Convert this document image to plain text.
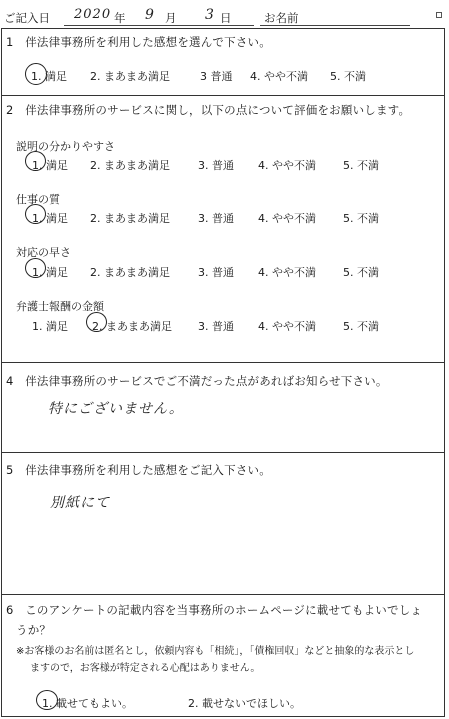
ご記入日 2020 年 9 月 3 日	お名前
1　伴法律事務所を利用した感想を選んで下さい。
1. 満足 2. まあまあ満足	3 普通 4. やや不満 5. 不満
2　伴法律事務所のサービスに関し，以下の点について評価をお願いします。
説明の分かりやすさ
1. 満足 2. まあまあ満足	3. 普通 4. やや不満 5. 不満
仕事の質
1. 満足 2. まあまあ満足	3. 普通 4. やや不満 5. 不満
対応の早さ
1. 満足 2. まあまあ満足	3. 普通 4. やや不満 5. 不満
弁護士報酬の金額
1. 満足 2. まあまあ満足 3. 普通 4. やや不満 5. 不満
4　伴法律事務所のサービスでご不満だった点があればお知らせ下さい。
特にございません。
5　伴法律事務所を利用した感想をご記入下さい。
別紙にて
6　このアンケートの記載内容を当事務所のホームページに載せてもよいでしょ
うか？
※お客様のお名前は匿名とし，依頼内容も「相続」，「債権回収」などと抽象的な表示とし
ますので，お客様が特定される心配はありません。
1. 載せてもよい。	2. 載せないでほしい。
